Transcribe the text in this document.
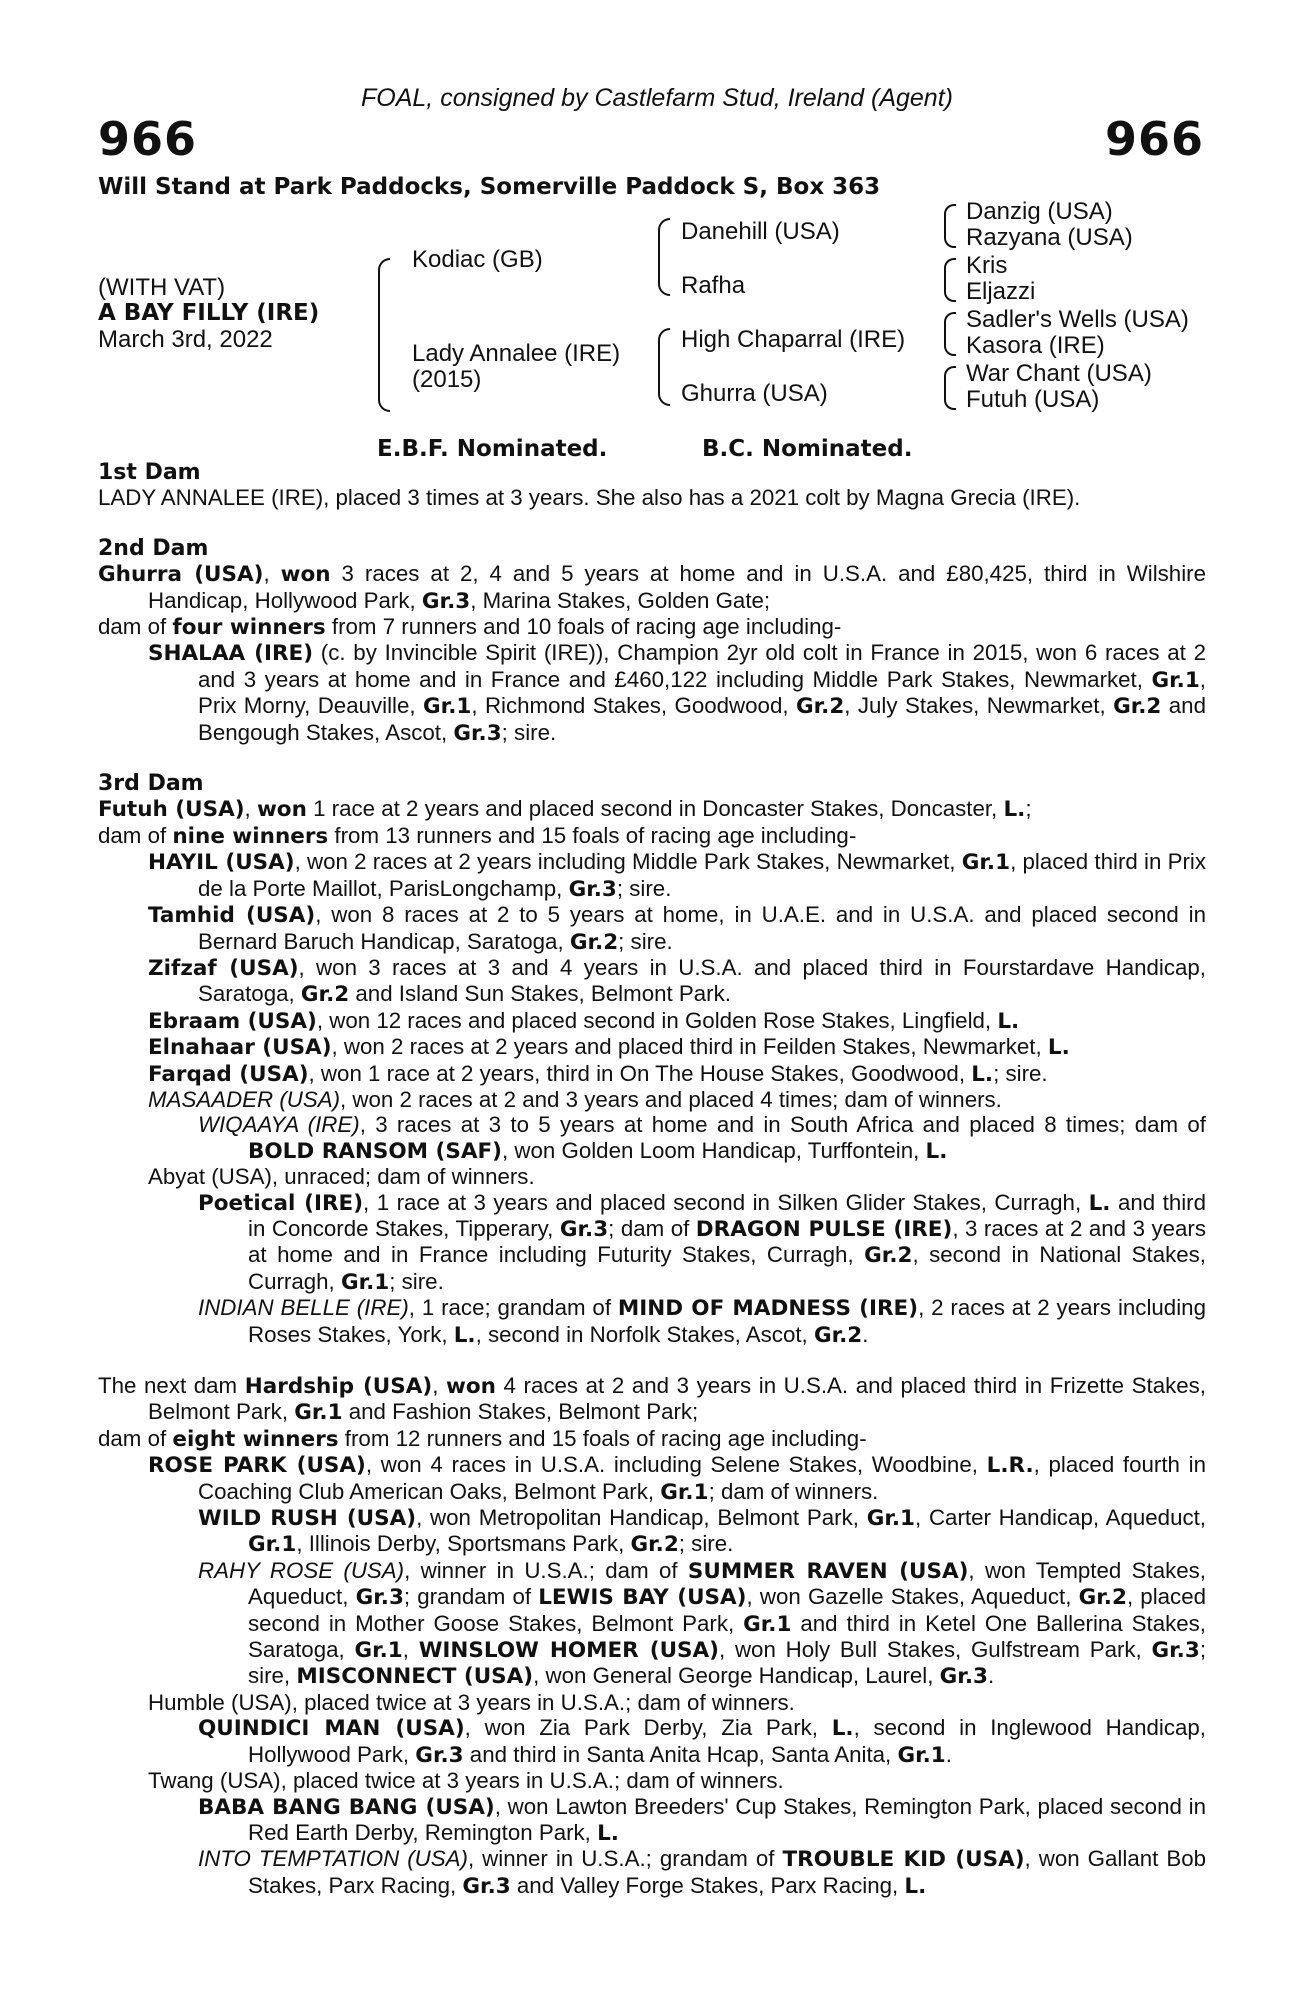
FOAL, consigned by Castlefarm Stud, Ireland (Agent)
966	966
Will Stand at Park Paddocks, Somerville Paddock S, Box 363
(WITH VAT)
A BAY FILLY (IRE)
March 3rd, 2022
Kodiac (GB)
Lady Annalee (IRE)
(2015)
Danehill (USA)
Rafha
High Chaparral (IRE)
Ghurra (USA)
Danzig (USA)
Razyana (USA)
Kris
Eljazzi
Sadler's Wells (USA)
Kasora (IRE)
War Chant (USA)
Futuh (USA)
E.B.F. Nominated.	B.C. Nominated.

1st Dam

LADY ANNALEE (IRE), placed 3 times at 3 years. She also has a 2021 colt by Magna Grecia (IRE).

2nd Dam

Ghurra (USA), won 3 races at 2, 4 and 5 years at home and in U.S.A. and £80,425, third in Wilshire Handicap, Hollywood Park, Gr.3, Marina Stakes, Golden Gate;

dam of four winners from 7 runners and 10 foals of racing age including-

SHALAA (IRE) (c. by Invincible Spirit (IRE)), Champion 2yr old colt in France in 2015, won 6 races at 2 and 3 years at home and in France and £460,122 including Middle Park Stakes, Newmarket, Gr.1, Prix Morny, Deauville, Gr.1, Richmond Stakes, Goodwood, Gr.2, July Stakes, Newmarket, Gr.2 and Bengough Stakes, Ascot, Gr.3; sire.

3rd Dam

Futuh (USA), won 1 race at 2 years and placed second in Doncaster Stakes, Doncaster, L.;

dam of nine winners from 13 runners and 15 foals of racing age including-

HAYIL (USA), won 2 races at 2 years including Middle Park Stakes, Newmarket, Gr.1, placed third in Prix de la Porte Maillot, ParisLongchamp, Gr.3; sire.

Tamhid (USA), won 8 races at 2 to 5 years at home, in U.A.E. and in U.S.A. and placed second in Bernard Baruch Handicap, Saratoga, Gr.2; sire.

Zifzaf (USA), won 3 races at 3 and 4 years in U.S.A. and placed third in Fourstardave Handicap, Saratoga, Gr.2 and Island Sun Stakes, Belmont Park.

Ebraam (USA), won 12 races and placed second in Golden Rose Stakes, Lingfield, L.

Elnahaar (USA), won 2 races at 2 years and placed third in Feilden Stakes, Newmarket, L.

Farqad (USA), won 1 race at 2 years, third in On The House Stakes, Goodwood, L.; sire.

MASAADER (USA), won 2 races at 2 and 3 years and placed 4 times; dam of winners.

WIQAAYA (IRE), 3 races at 3 to 5 years at home and in South Africa and placed 8 times; dam of BOLD RANSOM (SAF), won Golden Loom Handicap, Turffontein, L.

Abyat (USA), unraced; dam of winners.

Poetical (IRE), 1 race at 3 years and placed second in Silken Glider Stakes, Curragh, L. and third in Concorde Stakes, Tipperary, Gr.3; dam of DRAGON PULSE (IRE), 3 races at 2 and 3 years at home and in France including Futurity Stakes, Curragh, Gr.2, second in National Stakes, Curragh, Gr.1; sire.

INDIAN BELLE (IRE), 1 race; grandam of MIND OF MADNESS (IRE), 2 races at 2 years including Roses Stakes, York, L., second in Norfolk Stakes, Ascot, Gr.2.

The next dam Hardship (USA), won 4 races at 2 and 3 years in U.S.A. and placed third in Frizette Stakes, Belmont Park, Gr.1 and Fashion Stakes, Belmont Park;

dam of eight winners from 12 runners and 15 foals of racing age including-

ROSE PARK (USA), won 4 races in U.S.A. including Selene Stakes, Woodbine, L.R., placed fourth in Coaching Club American Oaks, Belmont Park, Gr.1; dam of winners.

WILD RUSH (USA), won Metropolitan Handicap, Belmont Park, Gr.1, Carter Handicap, Aqueduct, Gr.1, Illinois Derby, Sportsmans Park, Gr.2; sire.

RAHY ROSE (USA), winner in U.S.A.; dam of SUMMER RAVEN (USA), won Tempted Stakes, Aqueduct, Gr.3; grandam of LEWIS BAY (USA), won Gazelle Stakes, Aqueduct, Gr.2, placed second in Mother Goose Stakes, Belmont Park, Gr.1 and third in Ketel One Ballerina Stakes, Saratoga, Gr.1, WINSLOW HOMER (USA), won Holy Bull Stakes, Gulfstream Park, Gr.3; sire, MISCONNECT (USA), won General George Handicap, Laurel, Gr.3.

Humble (USA), placed twice at 3 years in U.S.A.; dam of winners.

QUINDICI MAN (USA), won Zia Park Derby, Zia Park, L., second in Inglewood Handicap, Hollywood Park, Gr.3 and third in Santa Anita Hcap, Santa Anita, Gr.1.

Twang (USA), placed twice at 3 years in U.S.A.; dam of winners.

BABA BANG BANG (USA), won Lawton Breeders' Cup Stakes, Remington Park, placed second in Red Earth Derby, Remington Park, L.

INTO TEMPTATION (USA), winner in U.S.A.; grandam of TROUBLE KID (USA), won Gallant Bob Stakes, Parx Racing, Gr.3 and Valley Forge Stakes, Parx Racing, L.
